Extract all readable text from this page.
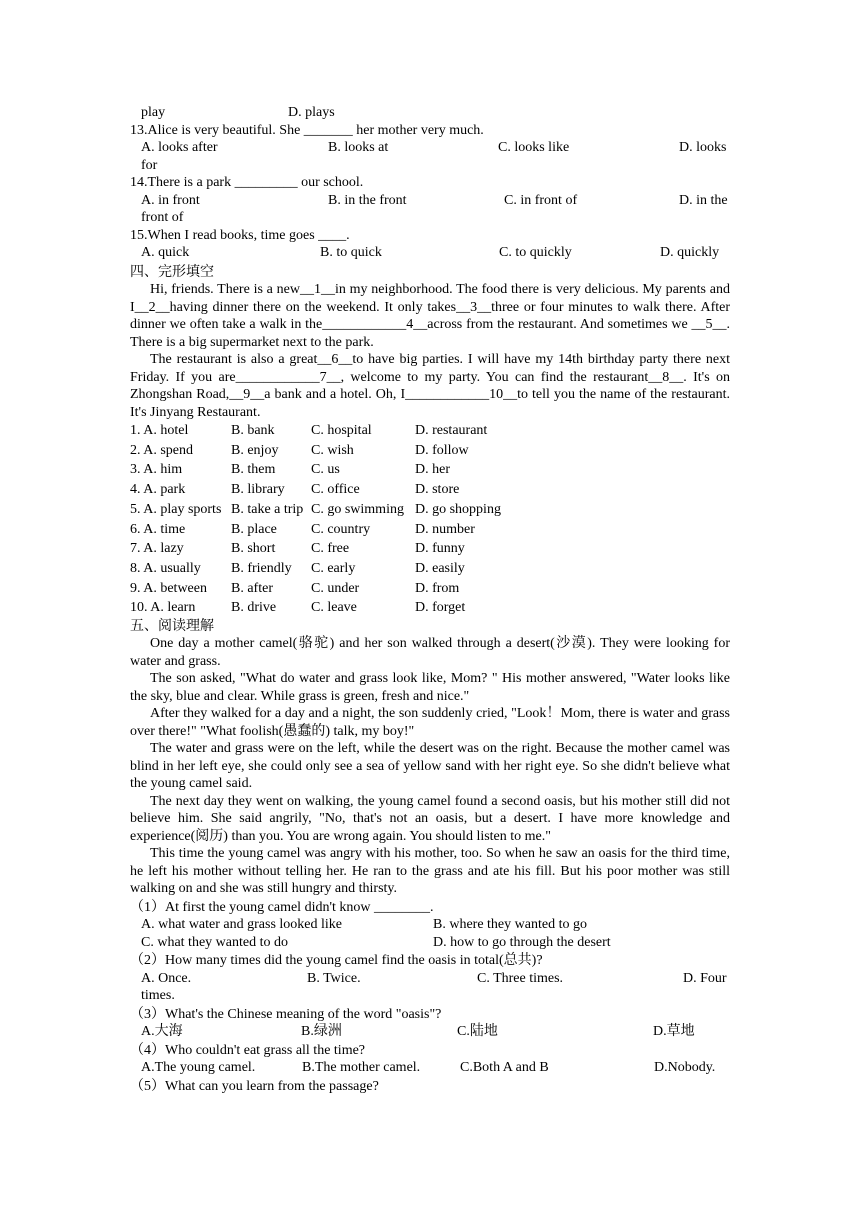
play	D. plays
13.Alice is very beautiful. She _______ her mother very much.
A. looks after	B. looks at	C. looks like	D. looks
for
14.There is a park _________ our school.
A. in front	B. in the front	C. in front of	D. in the
front of
15.When I read books, time goes ____.
A. quick	B. to quick	C. to quickly	D. quickly
四、完形填空

Hi, friends. There is a new__1__in my neighborhood. The food there is very delicious. My parents and I__2__having dinner there on the weekend. It only takes__3__three or four minutes to walk there. After dinner we often take a walk in the____________4__across from the restaurant. And sometimes we __5__. There is a big supermarket next to the park.

The restaurant is also a great__6__to have big parties. I will have my 14th birthday party there next Friday. If you are____________7__, welcome to my party. You can find the restaurant__8__. It's on Zhongshan Road,__9__a bank and a hotel. Oh, I____________10__to tell you the name of the restaurant. It's Jinyang Restaurant.

1. A. hotel	B. bank	C. hospital	D. restaurant
2. A. spend	B. enjoy	C. wish	D. follow
3. A. him	B. them	C. us	D. her
4. A. park	B. library	C. office	D. store
5. A. play sports	B. take a trip	C. go swimming	D. go shopping
6. A. time	B. place	C. country	D. number
7. A. lazy	B. short	C. free	D. funny
8. A. usually	B. friendly	C. early	D. easily
9. A. between	B. after	C. under	D. from
10. A. learn	B. drive	C. leave	D. forget
五、阅读理解

One day a mother camel(骆驼) and her son walked through a desert(沙漠). They were looking for water and grass.

The son asked, "What do water and grass look like, Mom? " His mother answered, "Water looks like the sky, blue and clear. While grass is green, fresh and nice."

After they walked for a day and a night, the son suddenly cried, "Look！Mom, there is water and grass over there!" "What foolish(愚蠢的) talk, my boy!"

The water and grass were on the left, while the desert was on the right. Because the mother camel was blind in her left eye, she could only see a sea of yellow sand with her right eye. So she didn't believe what the young camel said.

The next day they went on walking, the young camel found a second oasis, but his mother still did not believe him. She said angrily, "No, that's not an oasis, but a desert. I have more knowledge and experience(阅历) than you. You are wrong again. You should listen to me."

This time the young camel was angry with his mother, too. So when he saw an oasis for the third time, he left his mother without telling her. He ran to the grass and ate his fill. But his poor mother was still walking on and she was still hungry and thirsty.

（1）At first the young camel didn't know ________.
A. what water and grass looked like	B. where they wanted to go
C. what they wanted to do	D. how to go through the desert
（2）How many times did the young camel find the oasis in total(总共)?
A. Once.	B. Twice.	C. Three times.	D. Four
times.
（3）What's the Chinese meaning of the word "oasis"?
A.大海	B.绿洲	C.陆地	D.草地
（4）Who couldn't eat grass all the time?
A.The young camel.	B.The mother camel.	C.Both A and B	D.Nobody.
（5）What can you learn from the passage?
